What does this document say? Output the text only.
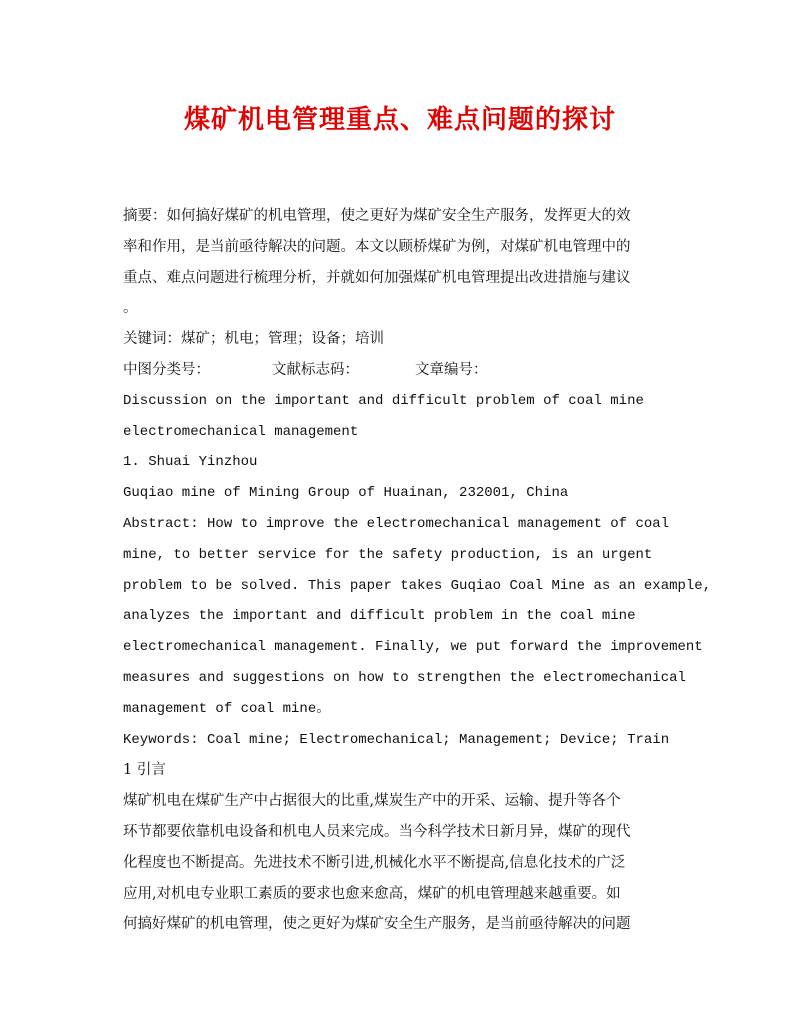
煤矿机电管理重点、难点问题的探讨
摘要：如何搞好煤矿的机电管理，使之更好为煤矿安全生产服务，发挥更大的效
率和作用，是当前亟待解决的问题。本文以顾桥煤矿为例，对煤矿机电管理中的
重点、难点问题进行梳理分析，并就如何加强煤矿机电管理提出改进措施与建议
。
关键词：煤矿；机电；管理；设备；培训
中图分类号：	文献标志码：	文章编号：
Discussion on the important and difficult problem of coal mine
electromechanical management
1. Shuai Yinzhou
Guqiao mine of Mining Group of Huainan, 232001, China
Abstract: How to improve the electromechanical management of coal
mine, to better service for the safety production, is an urgent
problem to be solved. This paper takes Guqiao Coal Mine as an example,
analyzes the important and difficult problem in the coal mine
electromechanical management. Finally, we put forward the improvement
measures and suggestions on how to strengthen the electromechanical
management of coal mine。
Keywords: Coal mine; Electromechanical; Management; Device; Train
1 引言
煤矿机电在煤矿生产中占据很大的比重,煤炭生产中的开采、运输、提升等各个
环节都要依靠机电设备和机电人员来完成。当今科学技术日新月异，煤矿的现代
化程度也不断提高。先进技术不断引进,机械化水平不断提高,信息化技术的广泛
应用,对机电专业职工素质的要求也愈来愈高，煤矿的机电管理越来越重要。如
何搞好煤矿的机电管理，使之更好为煤矿安全生产服务，是当前亟待解决的问题
